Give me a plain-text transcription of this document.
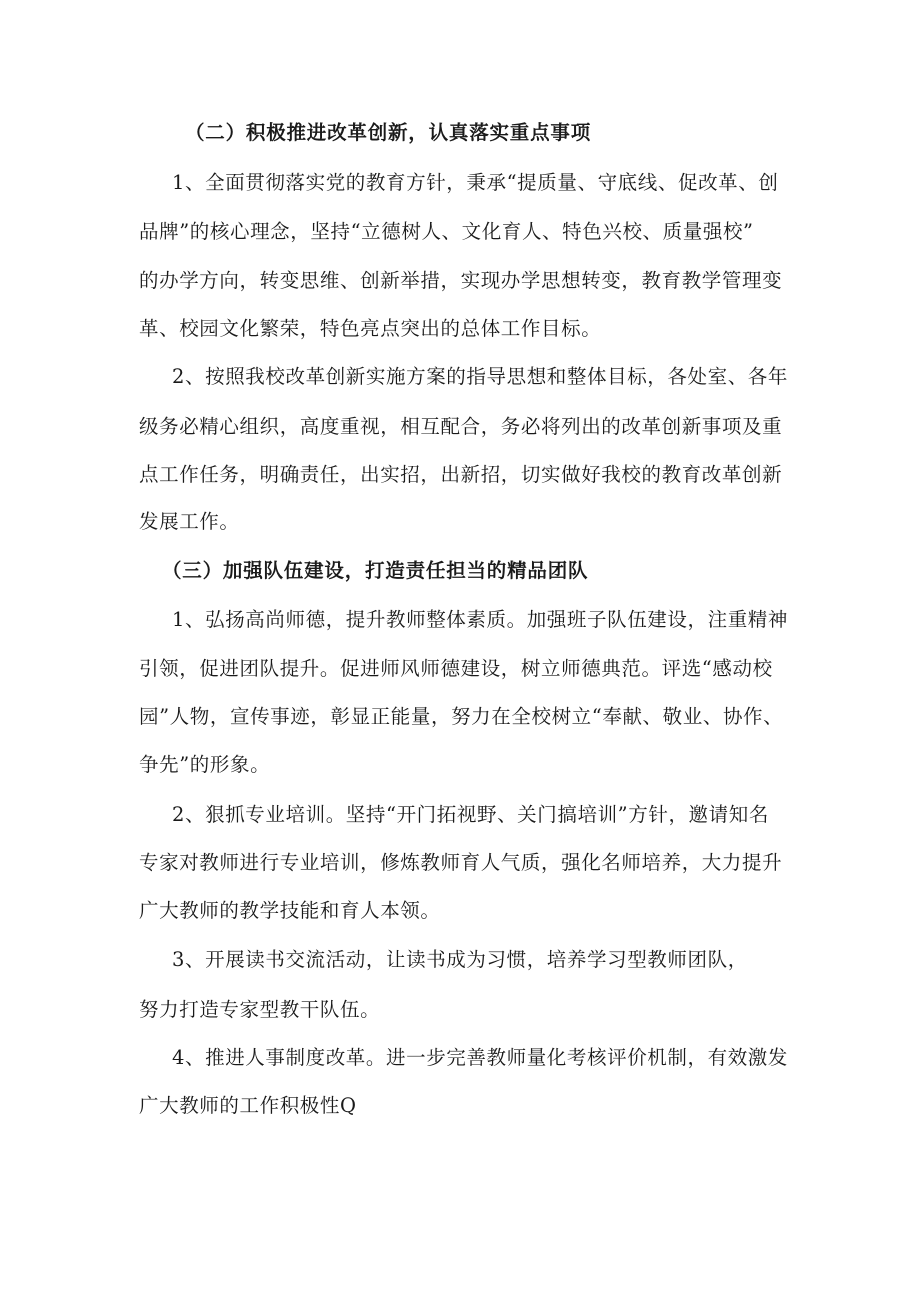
（二）积极推进改革创新，认真落实重点事项
1、全面贯彻落实党的教育方针，秉承“提质量、守底线、促改革、创
品牌”的核心理念，坚持“立德树人、文化育人、特色兴校、质量强校”
的办学方向，转变思维、创新举措，实现办学思想转变，教育教学管理变
革、校园文化繁荣，特色亮点突出的总体工作目标。
2、按照我校改革创新实施方案的指导思想和整体目标，各处室、各年
级务必精心组织，高度重视，相互配合，务必将列出的改革创新事项及重
点工作任务，明确责任，出实招，出新招，切实做好我校的教育改革创新
发展工作。
（三）加强队伍建设，打造责任担当的精品团队
1、弘扬高尚师德，提升教师整体素质。加强班子队伍建设，注重精神
引领，促进团队提升。促进师风师德建设，树立师德典范。评选“感动校
园”人物，宣传事迹，彰显正能量，努力在全校树立“奉献、敬业、协作、
争先”的形象。
2、狠抓专业培训。坚持“开门拓视野、关门搞培训”方针，邀请知名
专家对教师进行专业培训，修炼教师育人气质，强化名师培养，大力提升
广大教师的教学技能和育人本领。
3、开展读书交流活动，让读书成为习惯，培养学习型教师团队，
努力打造专家型教干队伍。
4、推进人事制度改革。进一步完善教师量化考核评价机制，有效激发
广大教师的工作积极性Q
